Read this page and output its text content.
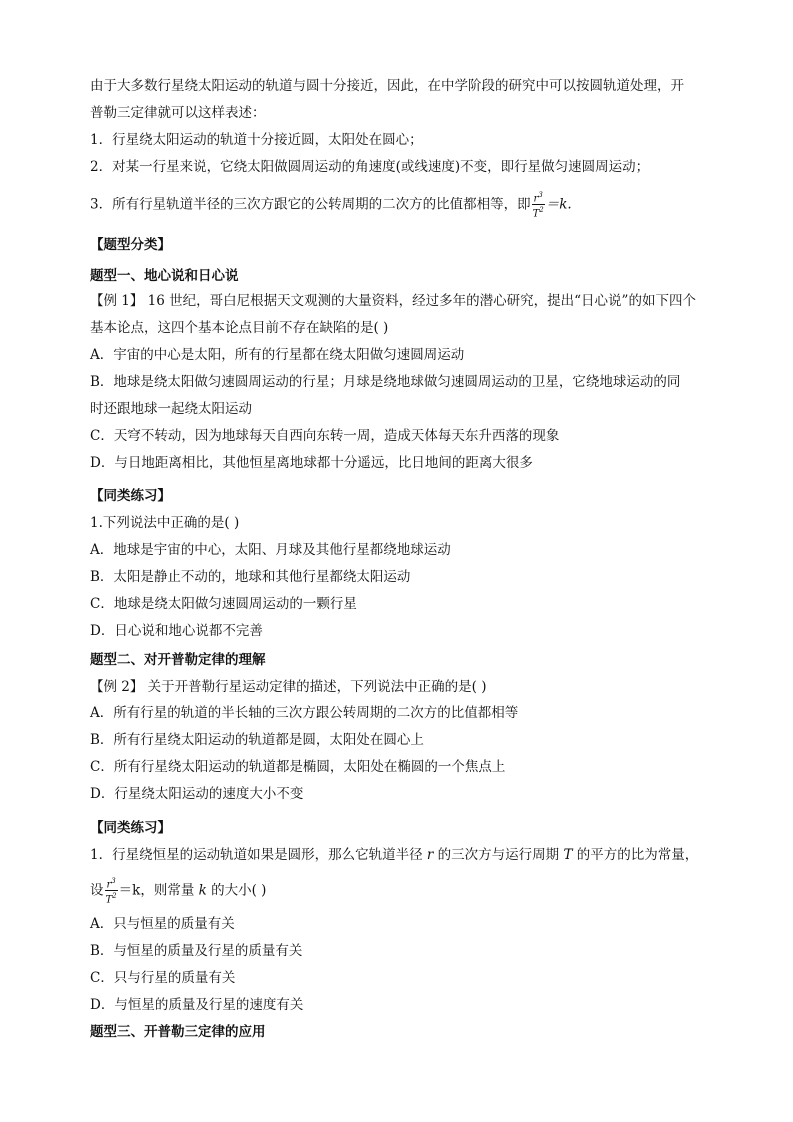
由于大多数行星绕太阳运动的轨道与圆十分接近，因此，在中学阶段的研究中可以按圆轨道处理，开
普勒三定律就可以这样表述：
1．行星绕太阳运动的轨道十分接近圆，太阳处在圆心；
2．对某一行星来说，它绕太阳做圆周运动的角速度(或线速度)不变，即行星做匀速圆周运动；
3．所有行星轨道半径的三次方跟它的公转周期的二次方的比值都相等，即 $\frac{r^3}{T^2} =k$.
【题型分类】
题型一、地心说和日心说
【例 1】 16 世纪，哥白尼根据天文观测的大量资料，经过多年的潜心研究，提出“日心说”的如下四个
基本论点，这四个基本论点目前不存在缺陷的是( )
A．宇宙的中心是太阳，所有的行星都在绕太阳做匀速圆周运动
B．地球是绕太阳做匀速圆周运动的行星；月球是绕地球做匀速圆周运动的卫星，它绕地球运动的同
时还跟地球一起绕太阳运动
C．天穹不转动，因为地球每天自西向东转一周，造成天体每天东升西落的现象
D．与日地距离相比，其他恒星离地球都十分遥远，比日地间的距离大很多
【同类练习】
1.下列说法中正确的是( )
A．地球是宇宙的中心，太阳、月球及其他行星都绕地球运动
B．太阳是静止不动的，地球和其他行星都绕太阳运动
C．地球是绕太阳做匀速圆周运动的一颗行星
D．日心说和地心说都不完善
题型二、对开普勒定律的理解
【例 2】 关于开普勒行星运动定律的描述，下列说法中正确的是( )
A．所有行星的轨道的半长轴的三次方跟公转周期的二次方的比值都相等
B．所有行星绕太阳运动的轨道都是圆，太阳处在圆心上
C．所有行星绕太阳运动的轨道都是椭圆，太阳处在椭圆的一个焦点上
D．行星绕太阳运动的速度大小不变
【同类练习】
1．行星绕恒星的运动轨道如果是圆形，那么它轨道半径 r 的三次方与运行周期 T 的平方的比为常量，
设 $\frac{r^3}{T^2} =k$，则常量 k 的大小( )
A．只与恒星的质量有关
B．与恒星的质量及行星的质量有关
C．只与行星的质量有关
D．与恒星的质量及行星的速度有关
题型三、开普勒三定律的应用
